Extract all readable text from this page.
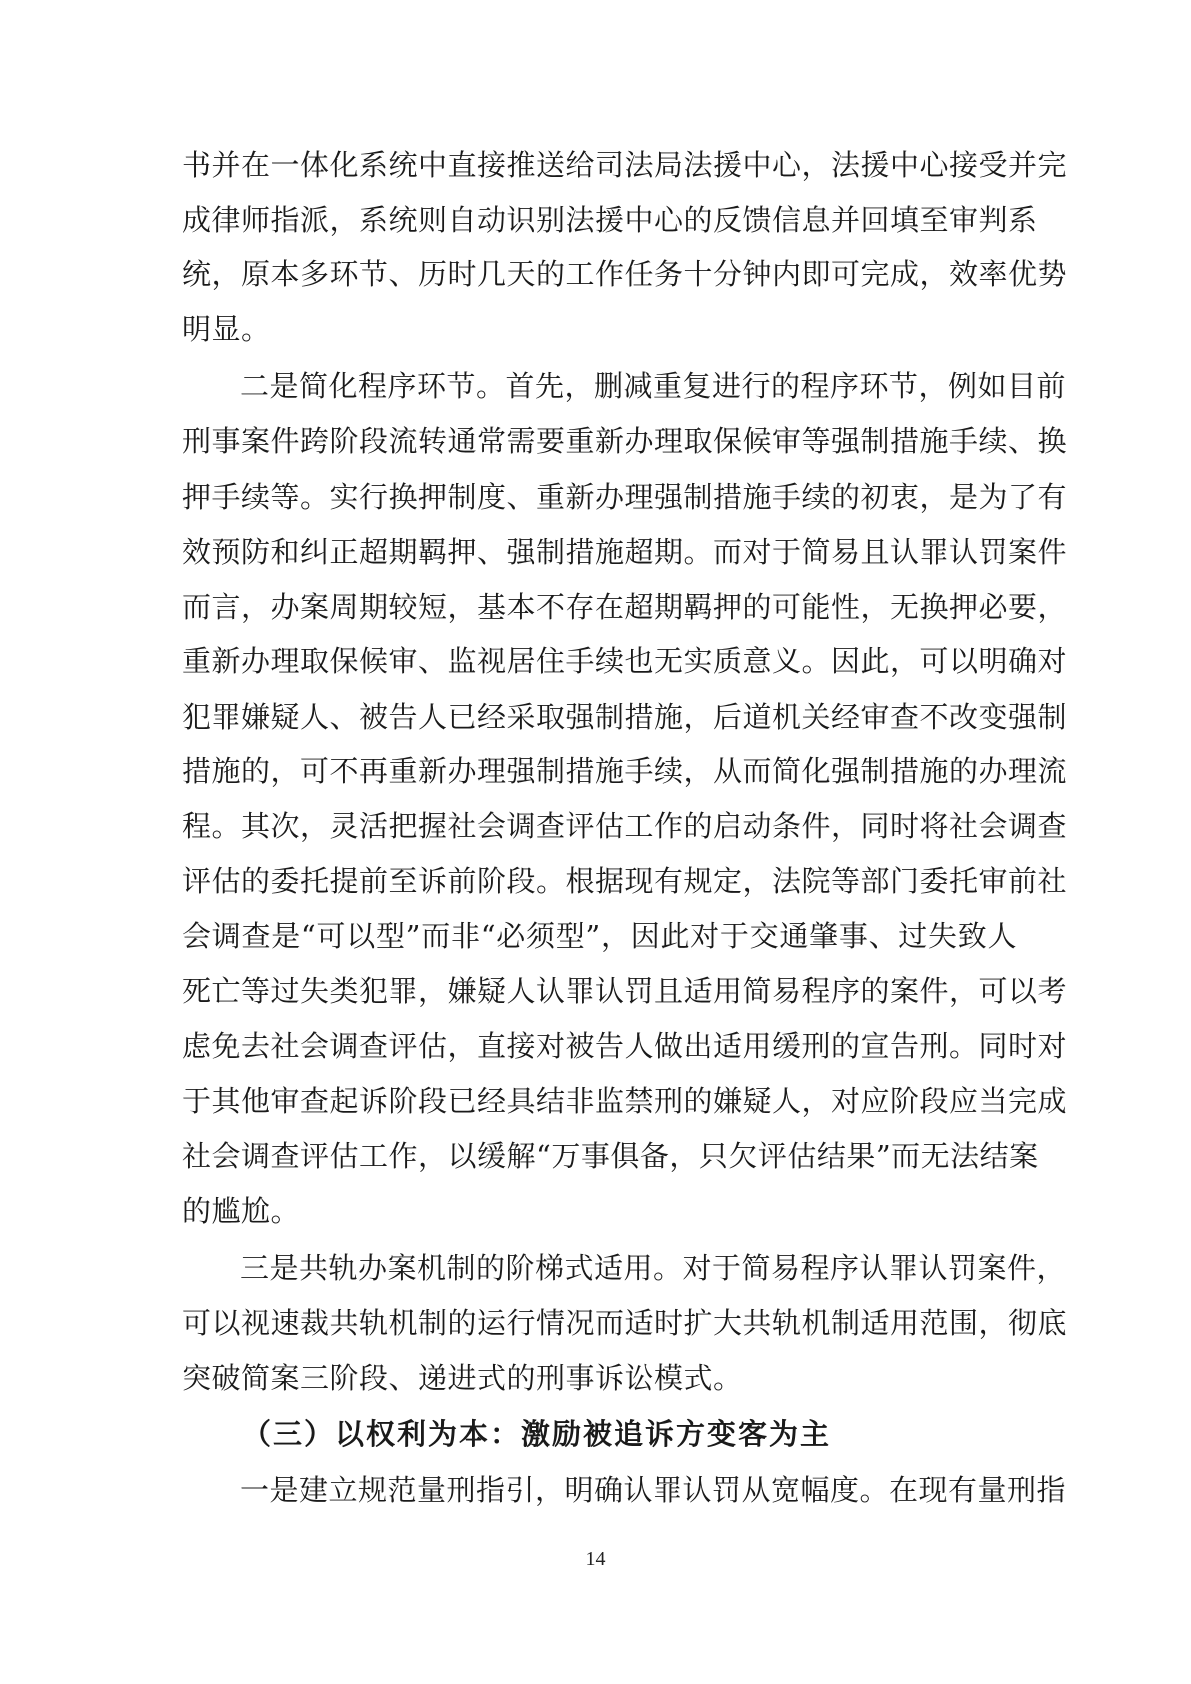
书并在一体化系统中直接推送给司法局法援中心，法援中心接受并完
成律师指派，系统则自动识别法援中心的反馈信息并回填至审判系
统，原本多环节、历时几天的工作任务十分钟内即可完成，效率优势
明显。
二是简化程序环节。首先，删减重复进行的程序环节，例如目前
刑事案件跨阶段流转通常需要重新办理取保候审等强制措施手续、换
押手续等。实行换押制度、重新办理强制措施手续的初衷，是为了有
效预防和纠正超期羁押、强制措施超期。而对于简易且认罪认罚案件
而言，办案周期较短，基本不存在超期羁押的可能性，无换押必要，
重新办理取保候审、监视居住手续也无实质意义。因此，可以明确对
犯罪嫌疑人、被告人已经采取强制措施，后道机关经审查不改变强制
措施的，可不再重新办理强制措施手续，从而简化强制措施的办理流
程。其次，灵活把握社会调查评估工作的启动条件，同时将社会调查
评估的委托提前至诉前阶段。根据现有规定，法院等部门委托审前社
会调查是“可以型”而非“必须型”，因此对于交通肇事、过失致人
死亡等过失类犯罪，嫌疑人认罪认罚且适用简易程序的案件，可以考
虑免去社会调查评估，直接对被告人做出适用缓刑的宣告刑。同时对
于其他审查起诉阶段已经具结非监禁刑的嫌疑人，对应阶段应当完成
社会调查评估工作，以缓解“万事俱备，只欠评估结果”而无法结案
的尴尬。
三是共轨办案机制的阶梯式适用。对于简易程序认罪认罚案件，
可以视速裁共轨机制的运行情况而适时扩大共轨机制适用范围，彻底
突破简案三阶段、递进式的刑事诉讼模式。
（三）以权利为本：激励被追诉方变客为主
一是建立规范量刑指引，明确认罪认罚从宽幅度。在现有量刑指
14
